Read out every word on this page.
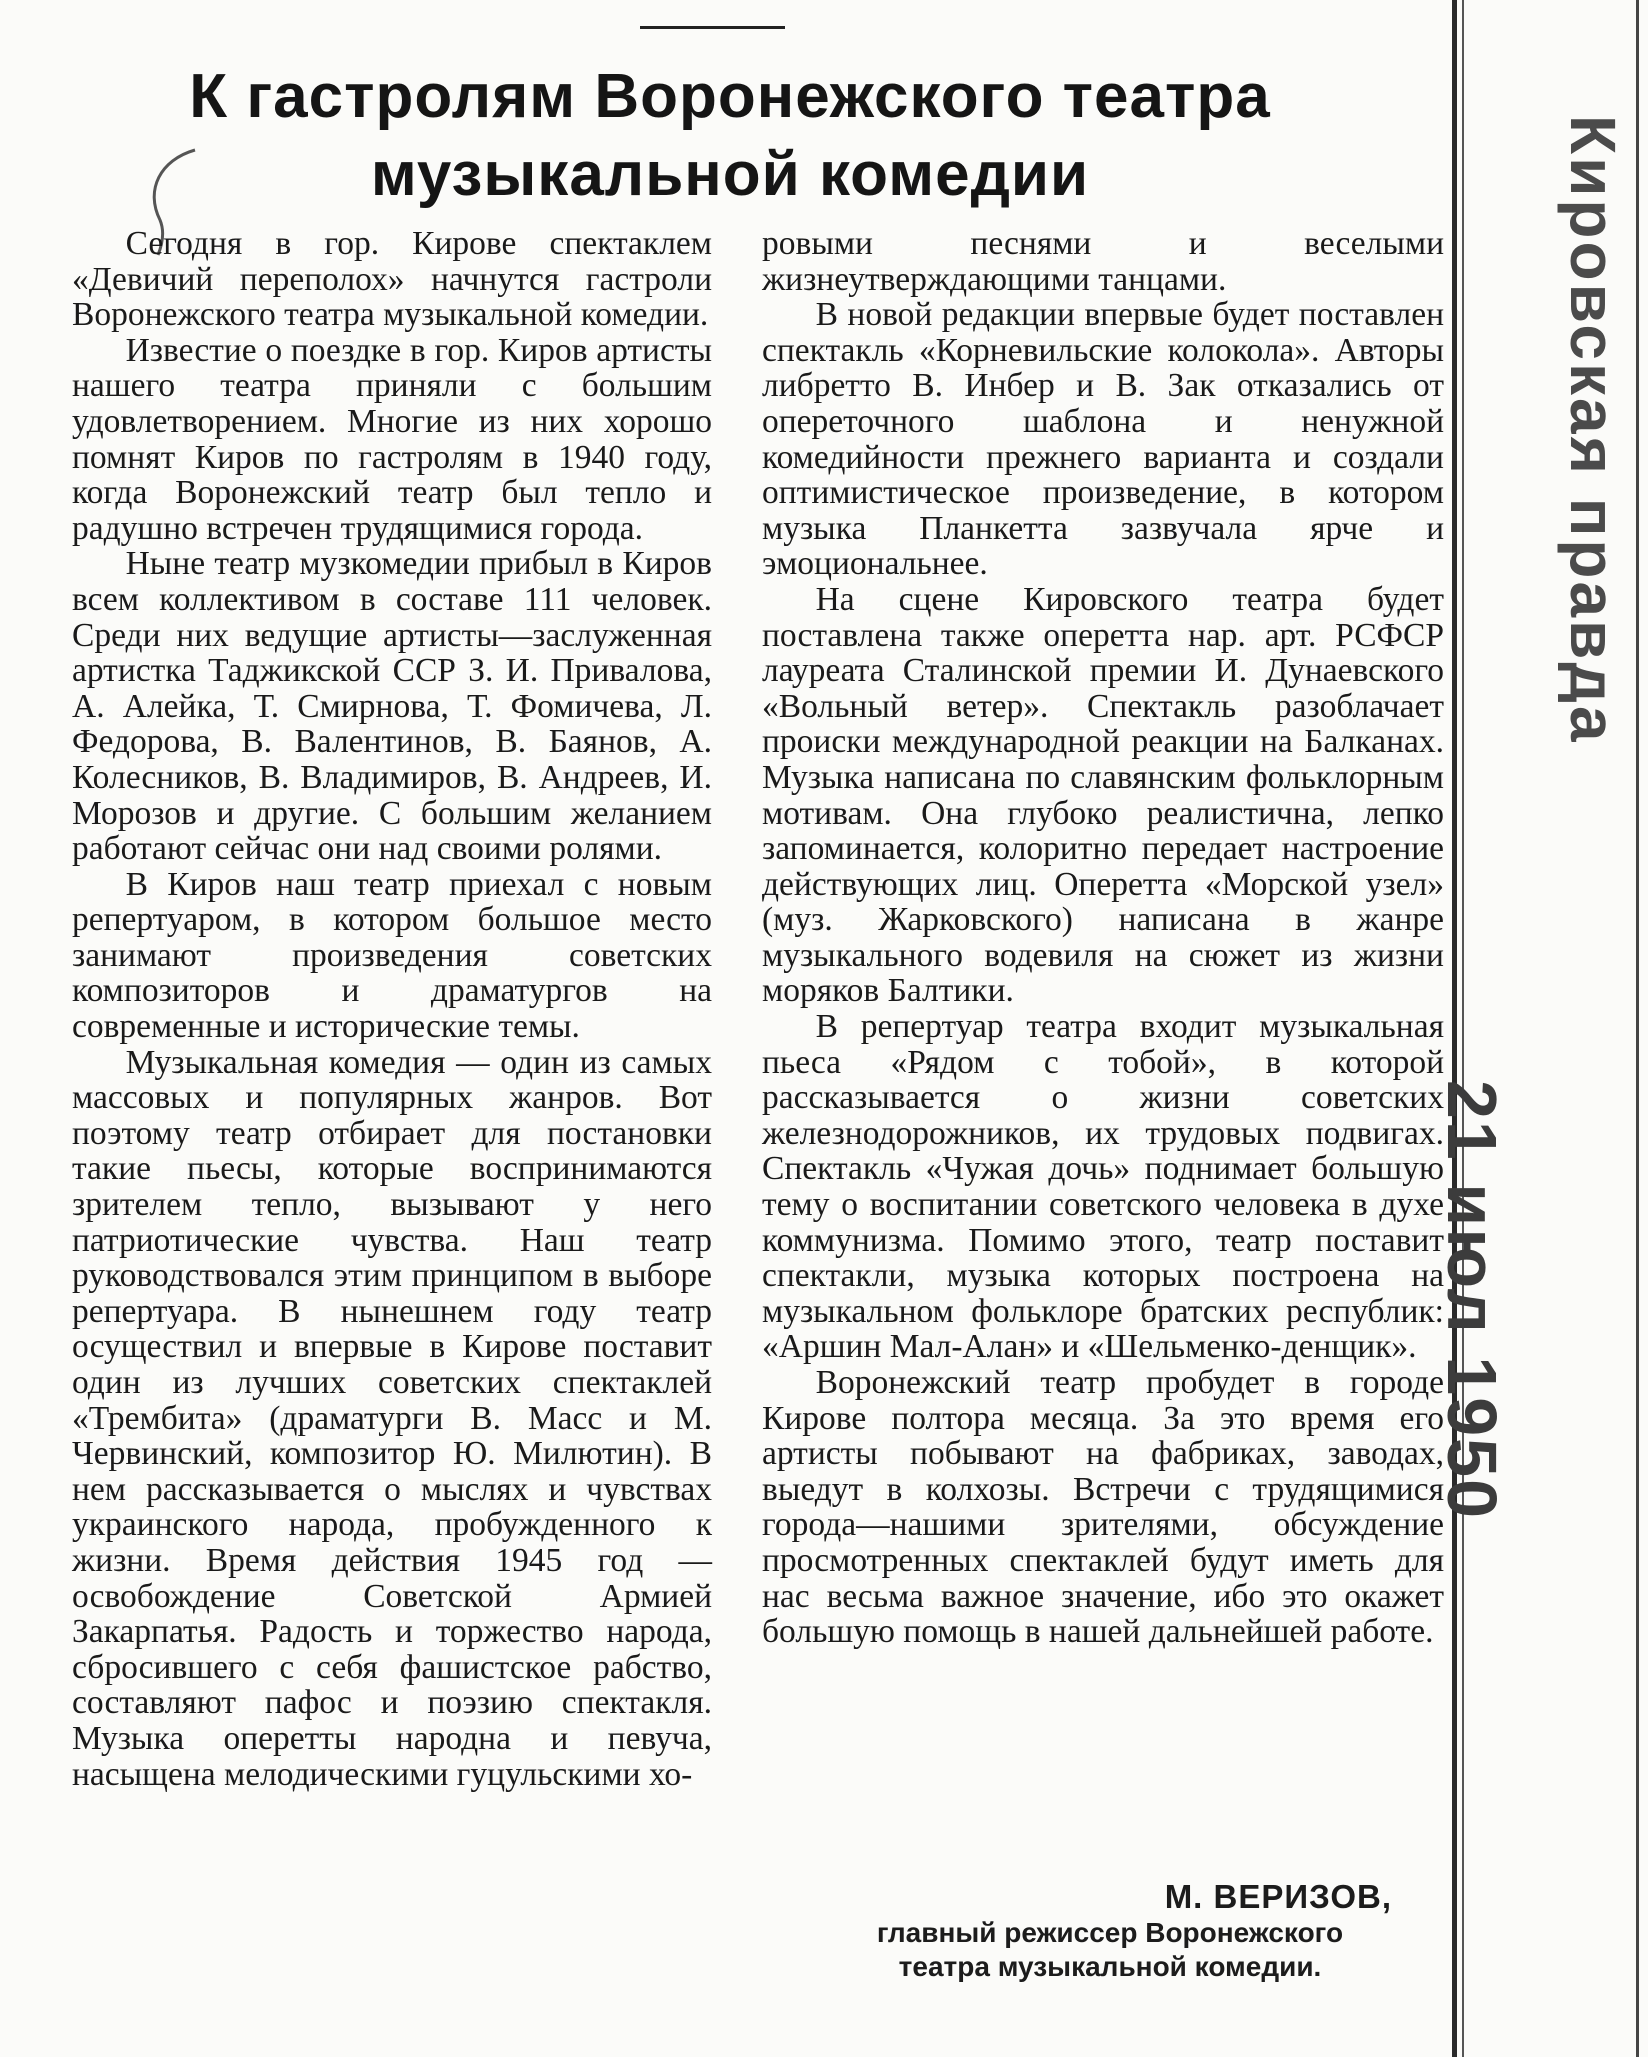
К гастролям Воронежского театра
музыкальной комедии

Сегодня в гор. Кирове спектаклем «Девичий переполох» начнутся гастроли Воронежского театра музыкальной комедии.

Известие о поездке в гор. Киров артисты нашего театра приняли с большим удовлетворением. Многие из них хорошо помнят Киров по гастролям в 1940 году, когда Воронежский театр был тепло и радушно встречен трудящимися города.

Ныне театр музкомедии прибыл в Киров всем коллективом в составе 111 человек. Среди них ведущие артисты—заслуженная артистка Таджикской ССР З. И. Привалова, А. Алейка, Т. Смирнова, Т. Фомичева, Л. Федорова, В. Валентинов, В. Баянов, А. Колесников, В. Владимиров, В. Андреев, И. Морозов и другие. С большим желанием работают сейчас они над своими ролями.

В Киров наш театр приехал с новым репертуаром, в котором большое место занимают произведения советских композиторов и драматургов на современные и исторические темы.

Музыкальная комедия — один из самых массовых и популярных жанров. Вот поэтому театр отбирает для постановки такие пьесы, которые воспринимаются зрителем тепло, вызывают у него патриотические чувства. Наш театр руководствовался этим принципом в выборе репертуара. В нынешнем году театр осуществил и впервые в Кирове поставит один из лучших советских спектаклей «Трембита» (драматурги В. Масс и М. Червинский, композитор Ю. Милютин). В нем рассказывается о мыслях и чувствах украинского народа, пробужденного к жизни. Время действия 1945 год — освобождение Советской Армией Закарпатья. Радость и торжество народа, сбросившего с себя фашистское рабство, составляют пафос и поэзию спектакля. Музыка оперетты народна и певуча, насыщена мелодическими гуцульскими хо-

ровыми песнями и веселыми жизнеутверждающими танцами.

В новой редакции впервые будет поставлен спектакль «Корневильские колокола». Авторы либретто В. Инбер и В. Зак отказались от опереточного шаблона и ненужной комедийности прежнего варианта и создали оптимистическое произведение, в котором музыка Планкетта зазвучала ярче и эмоциональнее.

На сцене Кировского театра будет поставлена также оперетта нар. арт. РСФСР лауреата Сталинской премии И. Дунаевского «Вольный ветер». Спектакль разоблачает происки международной реакции на Балканах. Музыка написана по славянским фольклорным мотивам. Она глубоко реалистична, лепко запоминается, колоритно передает настроение действующих лиц. Оперетта «Морской узел» (муз. Жарковского) написана в жанре музыкального водевиля на сюжет из жизни моряков Балтики.

В репертуар театра входит музыкальная пьеса «Рядом с тобой», в которой рассказывается о жизни советских железнодорожников, их трудовых подвигах. Спектакль «Чужая дочь» поднимает большую тему о воспитании советского человека в духе коммунизма. Помимо этого, театр поставит спектакли, музыка которых построена на музыкальном фольклоре братских республик: «Аршин Мал-Алан» и «Шельменко-денщик».

Воронежский театр пробудет в городе Кирове полтора месяца. За это время его артисты побывают на фабриках, заводах, выедут в колхозы. Встречи с трудящимися города—нашими зрителями, обсуждение просмотренных спектаклей будут иметь для нас весьма важное значение, ибо это окажет большую помощь в нашей дальнейшей работе.

М. ВЕРИЗОВ,
главный режиссер Воронежского
театра музыкальной комедии.
Кировская правда
21 июл 1950
